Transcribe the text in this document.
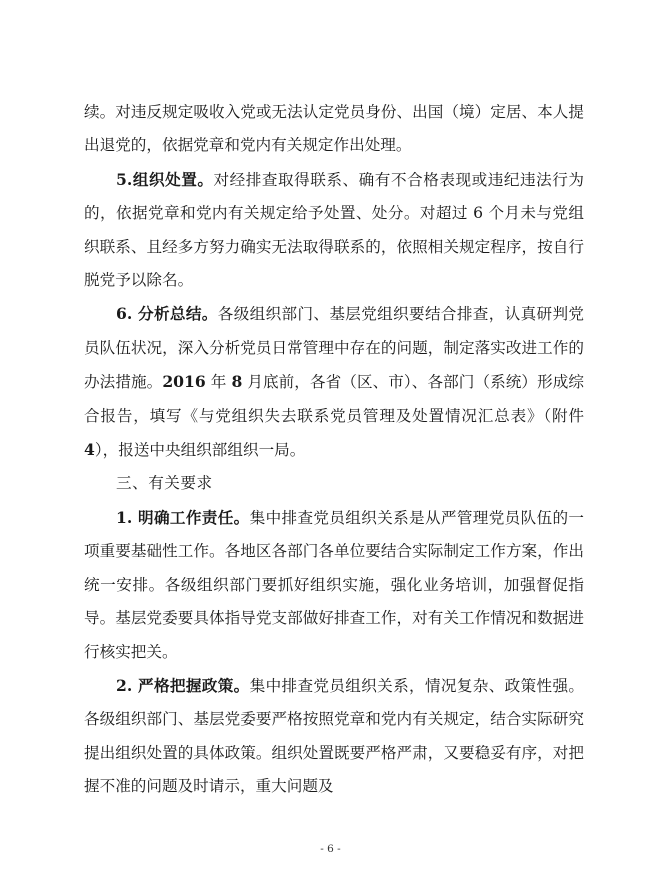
续。对违反规定吸收入党或无法认定党员身份、出国（境）定居、本人提出退党的，依据党章和党内有关规定作出处理。

5.组织处置。对经排查取得联系、确有不合格表现或违纪违法行为的，依据党章和党内有关规定给予处置、处分。对超过 6 个月未与党组织联系、且经多方努力确实无法取得联系的，依照相关规定程序，按自行脱党予以除名。

6. 分析总结。各级组织部门、基层党组织要结合排查，认真研判党员队伍状况，深入分析党员日常管理中存在的问题，制定落实改进工作的办法措施。2016 年 8 月底前，各省（区、市）、各部门（系统）形成综合报告，填写《与党组织失去联系党员管理及处置情况汇总表》（附件 4），报送中央组织部组织一局。

三、有关要求

1. 明确工作责任。集中排查党员组织关系是从严管理党员队伍的一项重要基础性工作。各地区各部门各单位要结合实际制定工作方案，作出统一安排。各级组织部门要抓好组织实施，强化业务培训，加强督促指导。基层党委要具体指导党支部做好排查工作，对有关工作情况和数据进行核实把关。

2. 严格把握政策。集中排查党员组织关系，情况复杂、政策性强。各级组织部门、基层党委要严格按照党章和党内有关规定，结合实际研究提出组织处置的具体政策。组织处置既要严格严肃，又要稳妥有序，对把握不准的问题及时请示，重大问题及

- 6 -
